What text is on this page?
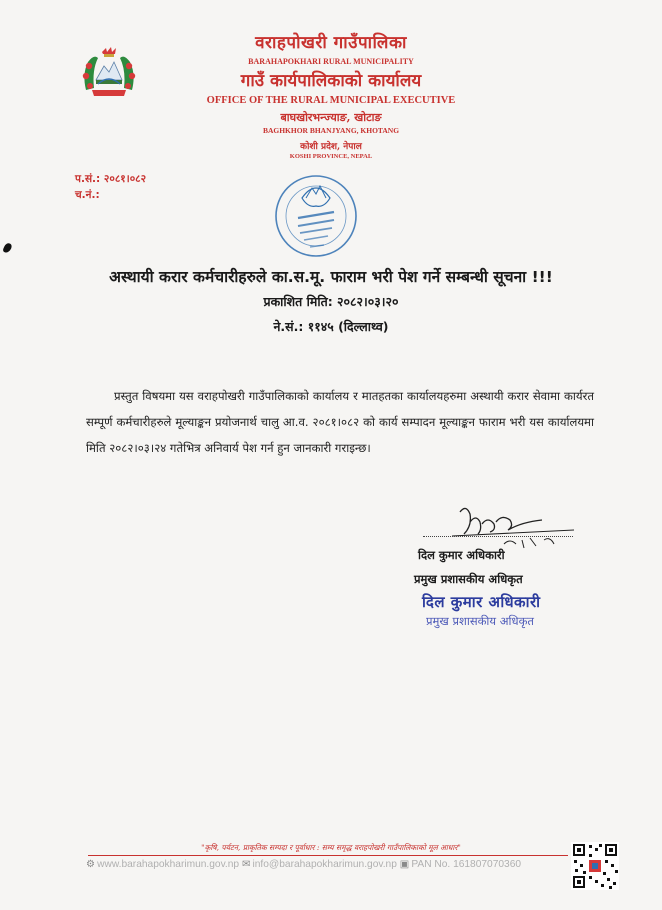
वराहपोखरी गाउँपालिका

BARAHAPOKHARI RURAL MUNICIPALITY

गाउँ कार्यपालिकाको कार्यालय

OFFICE OF THE RURAL MUNICIPAL EXECUTIVE

बाघखोरभन्ज्याङ, खोटाङ

BAGHKHOR BHANJYANG, KHOTANG

कोशी प्रदेश, नेपाल

KOSHI PROVINCE, NEPAL

प.सं.: २०८१।०८२
च.नं.:
अस्थायी करार कर्मचारीहरुले का.स.मू. फाराम भरी पेश गर्ने सम्बन्धी सूचना !!!
प्रकाशित मिति: २०८२।०३।२०
ने.सं.: ११४५ (दिल्लाथ्व)

प्रस्तुत विषयमा यस वराहपोखरी गाउँपालिकाको कार्यालय र मातहतका कार्यालयहरुमा अस्थायी करार सेवामा कार्यरत सम्पूर्ण कर्मचारीहरुले मूल्याङ्कन प्रयोजनार्थ चालु आ.व. २०८१।०८२ को कार्य सम्पादन मूल्याङ्कन फाराम भरी यस कार्यालयमा मिति २०८२।०३।२४ गतेभित्र अनिवार्य पेश गर्न हुन जानकारी गराइन्छ।

दिल कुमार अधिकारी
प्रमुख प्रशासकीय अधिकृत
दिल कुमार अधिकारी
प्रमुख प्रशासकीय अधिकृत

"कृषि, पर्यटन, प्राकृतिक सम्पदा र पूर्वाधार : सम्य समृद्ध वराहपोखरी गाउँपालिकाको मूल आधार"

⚙ www.barahapokharimun.gov.np ✉ info@barahapokharimun.gov.np ▣ PAN No. 161807070360
